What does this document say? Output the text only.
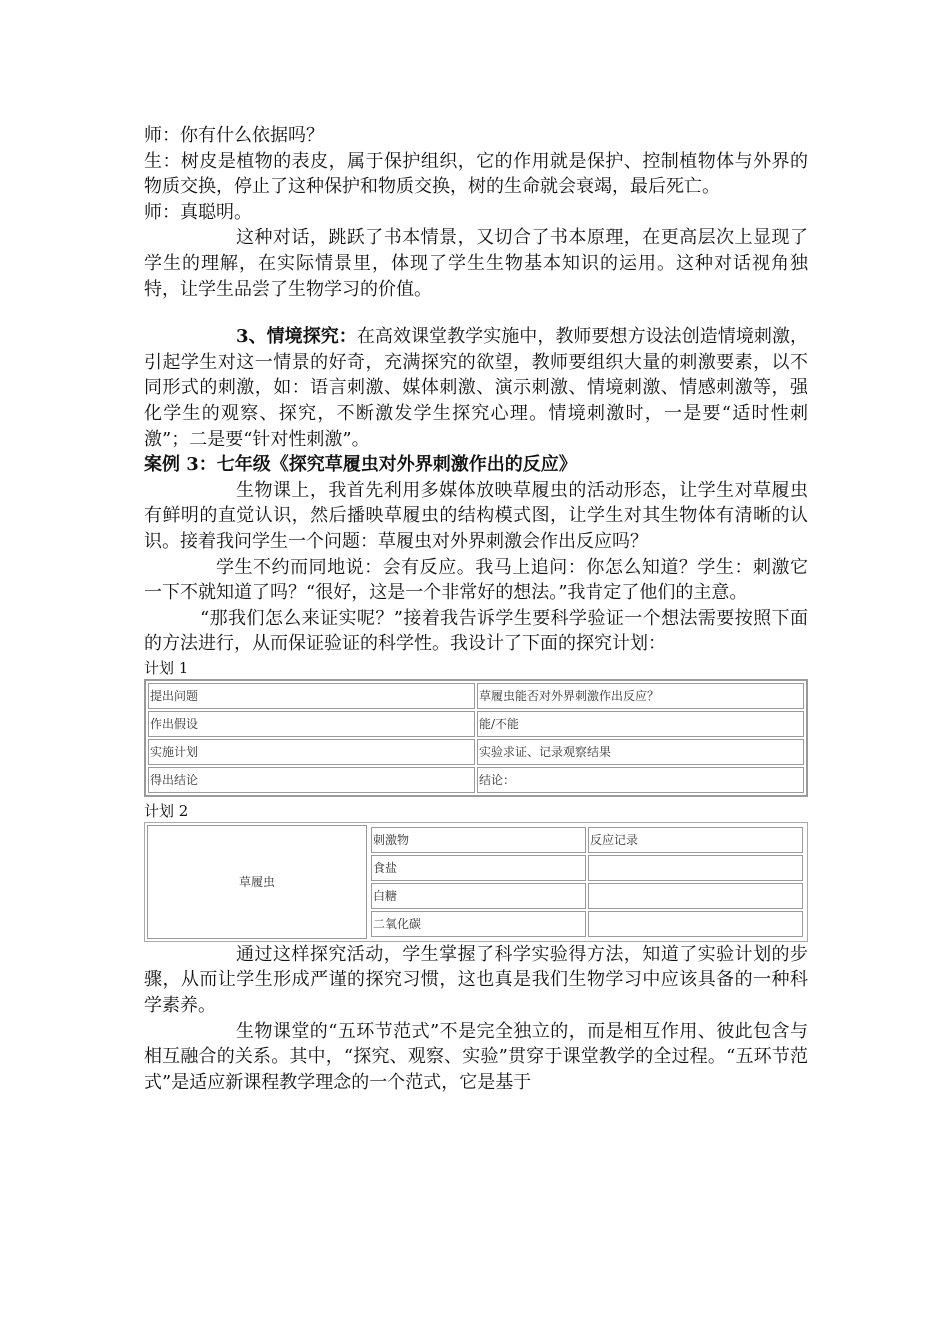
师：你有什么依据吗？

生：树皮是植物的表皮，属于保护组织，它的作用就是保护、控制植物体与外界的物质交换，停止了这种保护和物质交换，树的生命就会衰竭，最后死亡。

师：真聪明。

这种对话，跳跃了书本情景，又切合了书本原理，在更高层次上显现了学生的理解，在实际情景里，体现了学生生物基本知识的运用。这种对话视角独特，让学生品尝了生物学习的价值。

3、情境探究：在高效课堂教学实施中，教师要想方设法创造情境刺激，引起学生对这一情景的好奇，充满探究的欲望，教师要组织大量的刺激要素，以不同形式的刺激，如：语言刺激、媒体刺激、演示刺激、情境刺激、情感刺激等，强化学生的观察、探究，不断激发学生探究心理。情境刺激时，一是要“适时性刺激”；二是要“针对性刺激”。

案例 3：七年级《探究草履虫对外界刺激作出的反应》

生物课上，我首先利用多媒体放映草履虫的活动形态，让学生对草履虫有鲜明的直觉认识，然后播映草履虫的结构模式图，让学生对其生物体有清晰的认识。接着我问学生一个问题：草履虫对外界刺激会作出反应吗？

学生不约而同地说：会有反应。我马上追问：你怎么知道？学生：刺激它一下不就知道了吗？“很好，这是一个非常好的想法。”我肯定了他们的主意。

“那我们怎么来证实呢？”接着我告诉学生要科学验证一个想法需要按照下面的方法进行，从而保证验证的科学性。我设计了下面的探究计划：

计划 1

提出问题	草履虫能否对外界刺激作出反应？
作出假设	能/不能
实施计划	实验求证、记录观察结果
得出结论	结论：

计划 2

草履虫	
刺激物	反应记录
食盐	
白糖	
二氧化碳	

通过这样探究活动，学生掌握了科学实验得方法，知道了实验计划的步骤，从而让学生形成严谨的探究习惯，这也真是我们生物学习中应该具备的一种科学素养。

生物课堂的“五环节范式”不是完全独立的，而是相互作用、彼此包含与相互融合的关系。其中，“探究、观察、实验”贯穿于课堂教学的全过程。“五环节范式”是适应新课程教学理念的一个范式，它是基于
